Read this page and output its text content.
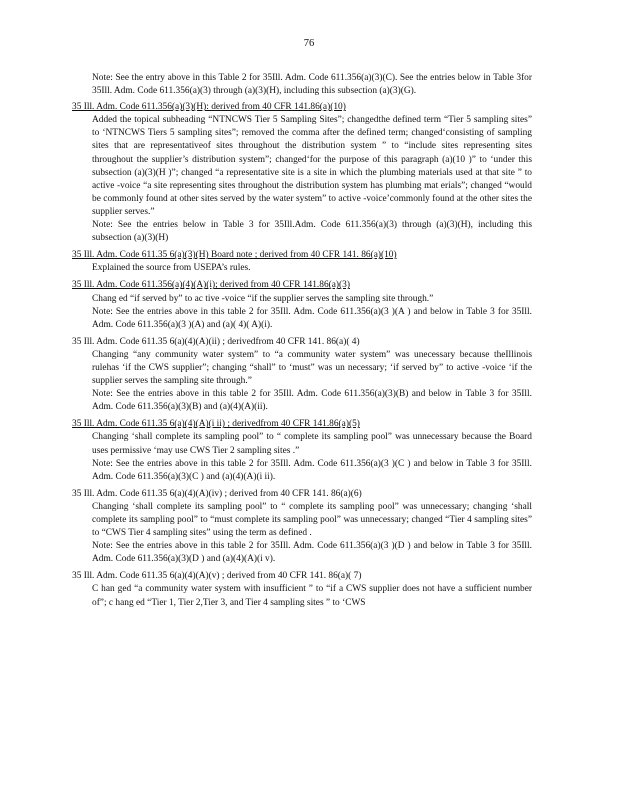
76

Note: See the entry above in this Table 2 for 35Ill. Adm. Code 611.356(a)(3)(C). See the entries below in Table 3for 35Ill. Adm. Code 611.356(a)(3) through (a)(3)(H), including this subsection (a)(3)(G).

35 Ill. Adm. Code 611.356(a)(3)(H): derived from 40 CFR 141.86(a)(10)

Added the topical subheading “NTNCWS Tier 5 Sampling Sites”; changedthe defined term “Tier 5 sampling sites” to ‘NTNCWS Tiers 5 sampling sites”; removed the comma after the defined term; changed‘consisting of sampling sites that are representativeof sites throughout the distribution system ” to “include sites representing sites throughout the supplier’s distribution system”; changed‘for the purpose of this paragraph (a)(10 )” to ‘under this subsection (a)(3)(H )”; changed “a representative site is a site in which the plumbing materials used at that site ” to active -voice “a site representing sites throughout the distribution system has plumbing mat erials”; changed “would be commonly found at other sites served by the water system” to active -voice’commonly found at the other sites the supplier serves.”

Note: See the entries below in Table 3 for 35Ill.Adm. Code 611.356(a)(3) through (a)(3)(H), including this subsection (a)(3)(H)

35 Ill. Adm. Code 611.35 6(a)(3)(H) Board note ; derived from 40 CFR 141. 86(a)(10)

Explained the source from USEPA’s rules.

35 Ill. Adm. Code 611.356(a)(4)(A)(i); derived from 40 CFR 141.86(a)(3)

Chang ed “if served by” to ac tive -voice “if the supplier serves the sampling site through.”

Note: See the entries above in this table 2 for 35Ill. Adm. Code 611.356(a)(3 )(A ) and below in Table 3 for 35Ill. Adm. Code 611.356(a)(3 )(A) and (a)( 4)( A)(i).

35 Ill. Adm. Code 611.35 6(a)(4)(A)(ii) ; derivedfrom 40 CFR 141. 86(a)( 4)

Changing “any community water system” to “a community water system” was unecessary because theIllinois rulehas ‘if the CWS supplier”; changing “shall” to ‘must” was un necessary; ‘if served by” to active -voice ‘if the supplier serves the sampling site through.”

Note: See the entries above in this table 2 for 35Ill. Adm. Code 611.356(a)(3)(B) and below in Table 3 for 35Ill. Adm. Code 611.356(a)(3)(B) and (a)(4)(A)(ii).

35 Ill. Adm. Code 611.35 6(a)(4)(A)(i ii) ; derivedfrom 40 CFR 141.86(a)(5)

Changing ‘shall complete its sampling pool” to “ complete its sampling pool” was unnecessary because the Board uses permissive ‘may use CWS Tier 2 sampling sites .”

Note: See the entries above in this table 2 for 35Ill. Adm. Code 611.356(a)(3 )(C ) and below in Table 3 for 35Ill. Adm. Code 611.356(a)(3)(C ) and (a)(4)(A)(i ii).

35 Ill. Adm. Code 611.35 6(a)(4)(A)(iv) ; derived from 40 CFR 141. 86(a)(6)

Changing ‘shall complete its sampling pool” to “ complete its sampling pool” was unnecessary; changing ‘shall complete its sampling pool” to “must complete its sampling pool” was unnecessary; changed “Tier 4 sampling sites” to “CWS Tier 4 sampling sites” using the term as defined .

Note: See the entries above in this table 2 for 35Ill. Adm. Code 611.356(a)(3 )(D ) and below in Table 3 for 35Ill. Adm. Code 611.356(a)(3)(D ) and (a)(4)(A)(i v).

35 Ill. Adm. Code 611.35 6(a)(4)(A)(v) ; derived from 40 CFR 141. 86(a)( 7)

C han ged “a community water system with insufficient ” to “if a CWS supplier does not have a sufficient number of”; c hang ed “Tier 1, Tier 2,Tier 3, and Tier 4 sampling sites ” to ‘CWS
